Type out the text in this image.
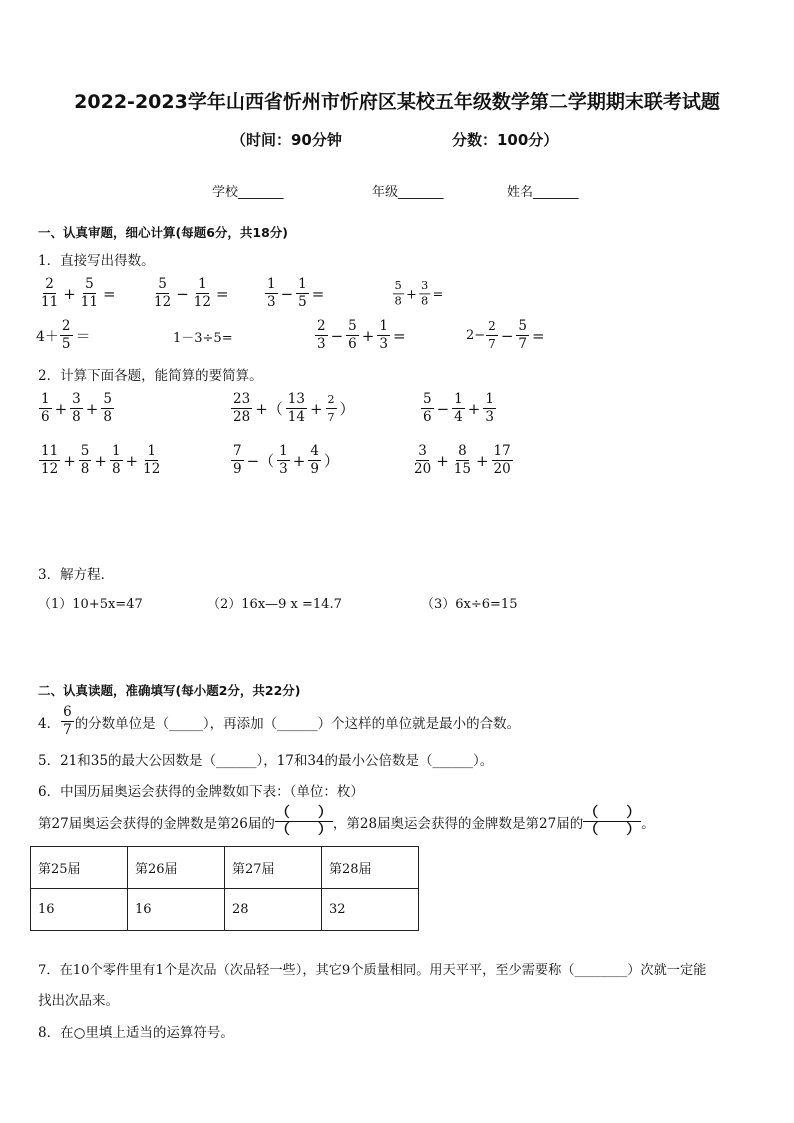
2022-2023学年山西省忻州市忻府区某校五年级数学第二学期期末联考试题
（时间：90分钟	分数：100分）
学校_______	年级_______	姓名_______
一、认真审题，细心计算(每题6分，共18分)
1．直接写出得数。
$\frac{2}{11} + \frac{5}{11}$ =	$\frac{5}{12} - \frac{1}{12}$ =	$\frac{1}{3} - \frac{1}{5}$ =	$\frac{5}{8} + \frac{3}{8}$ =
$4+ \frac{2}{5}$ ＝	1－3÷5=	$\frac{2}{3} - \frac{5}{6} + \frac{1}{3}$ =	$2- \frac{2}{7} - \frac{5}{7}$ =
2．计算下面各题，能简算的要简算。
$\frac{1}{6} + \frac{3}{8} + \frac{5}{8}$	$\frac{23}{28}$ +（ $\frac{13}{14} + \frac{2}{7}$ ）	$\frac{5}{6} - \frac{1}{4} + \frac{1}{3}$
$\frac{11}{12} + \frac{5}{8} + \frac{1}{8} + \frac{1}{12}$	$\frac{7}{9}$ −（ $\frac{1}{3} + \frac{4}{9}$ ）	$\frac{3}{20} + \frac{8}{15} + \frac{17}{20}$
3．解方程．
（1）10+5x=47	（2）16x—9 x =14.7	（3）6x÷6=15
二、认真读题，准确填写(每小题2分，共22分)
4． $\frac{6}{7}$ 的分数单位是（_____），再添加（______）个这样的单位就是最小的合数。
5．21和35的最大公因数是（______），17和34的最小公倍数是（______）。
6．中国历届奥运会获得的金牌数如下表：（单位：枚）
第27届奥运会获得的金牌数是第26届的
（　　）
（　　） ，第28届奥运会获得的金牌数是第27届的
（　　）
（　　） 。
第25届	第26届	第27届	第28届
16	16	28	32
7．在10个零件里有1个是次品（次品轻一些），其它9个质量相同。用天平平，至少需要称（________）次就一定能
找出次品来。
8．在○里填上适当的运算符号。
